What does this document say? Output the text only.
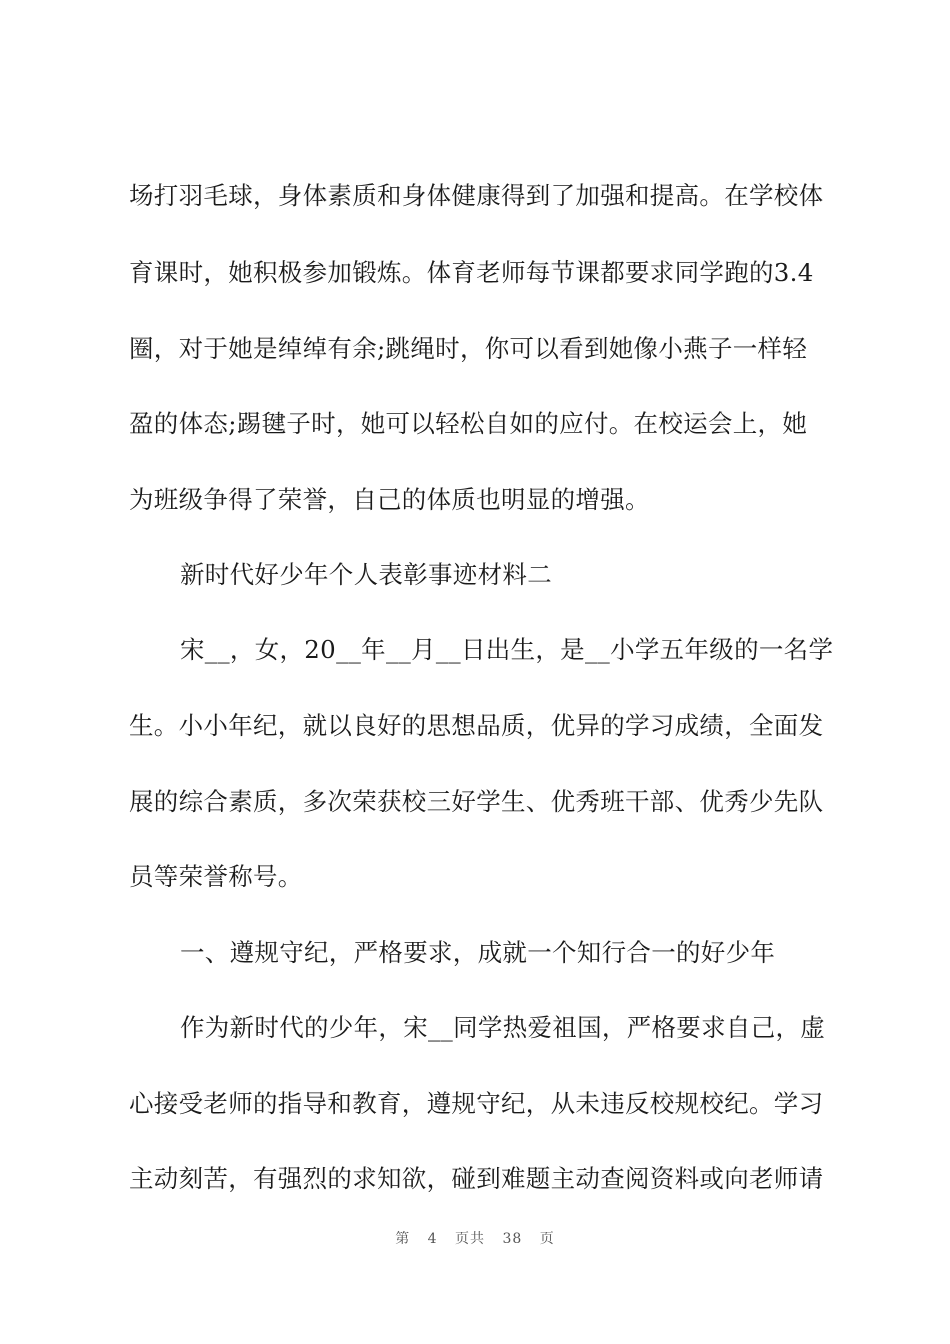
场打羽毛球，身体素质和身体健康得到了加强和提高。在学校体
育课时，她积极参加锻炼。体育老师每节课都要求同学跑的3.4
圈，对于她是绰绰有余;跳绳时，你可以看到她像小燕子一样轻
盈的体态;踢毽子时，她可以轻松自如的应付。在校运会上，她
为班级争得了荣誉，自己的体质也明显的增强。
新时代好少年个人表彰事迹材料二
宋__，女，20__年__月__日出生，是__小学五年级的一名学
生。小小年纪，就以良好的思想品质，优异的学习成绩，全面发
展的综合素质，多次荣获校三好学生、优秀班干部、优秀少先队
员等荣誉称号。
一、遵规守纪，严格要求，成就一个知行合一的好少年
作为新时代的少年，宋__同学热爱祖国，严格要求自己，虚
心接受老师的指导和教育，遵规守纪，从未违反校规校纪。学习
主动刻苦，有强烈的求知欲，碰到难题主动查阅资料或向老师请
第 4 页共 38 页
